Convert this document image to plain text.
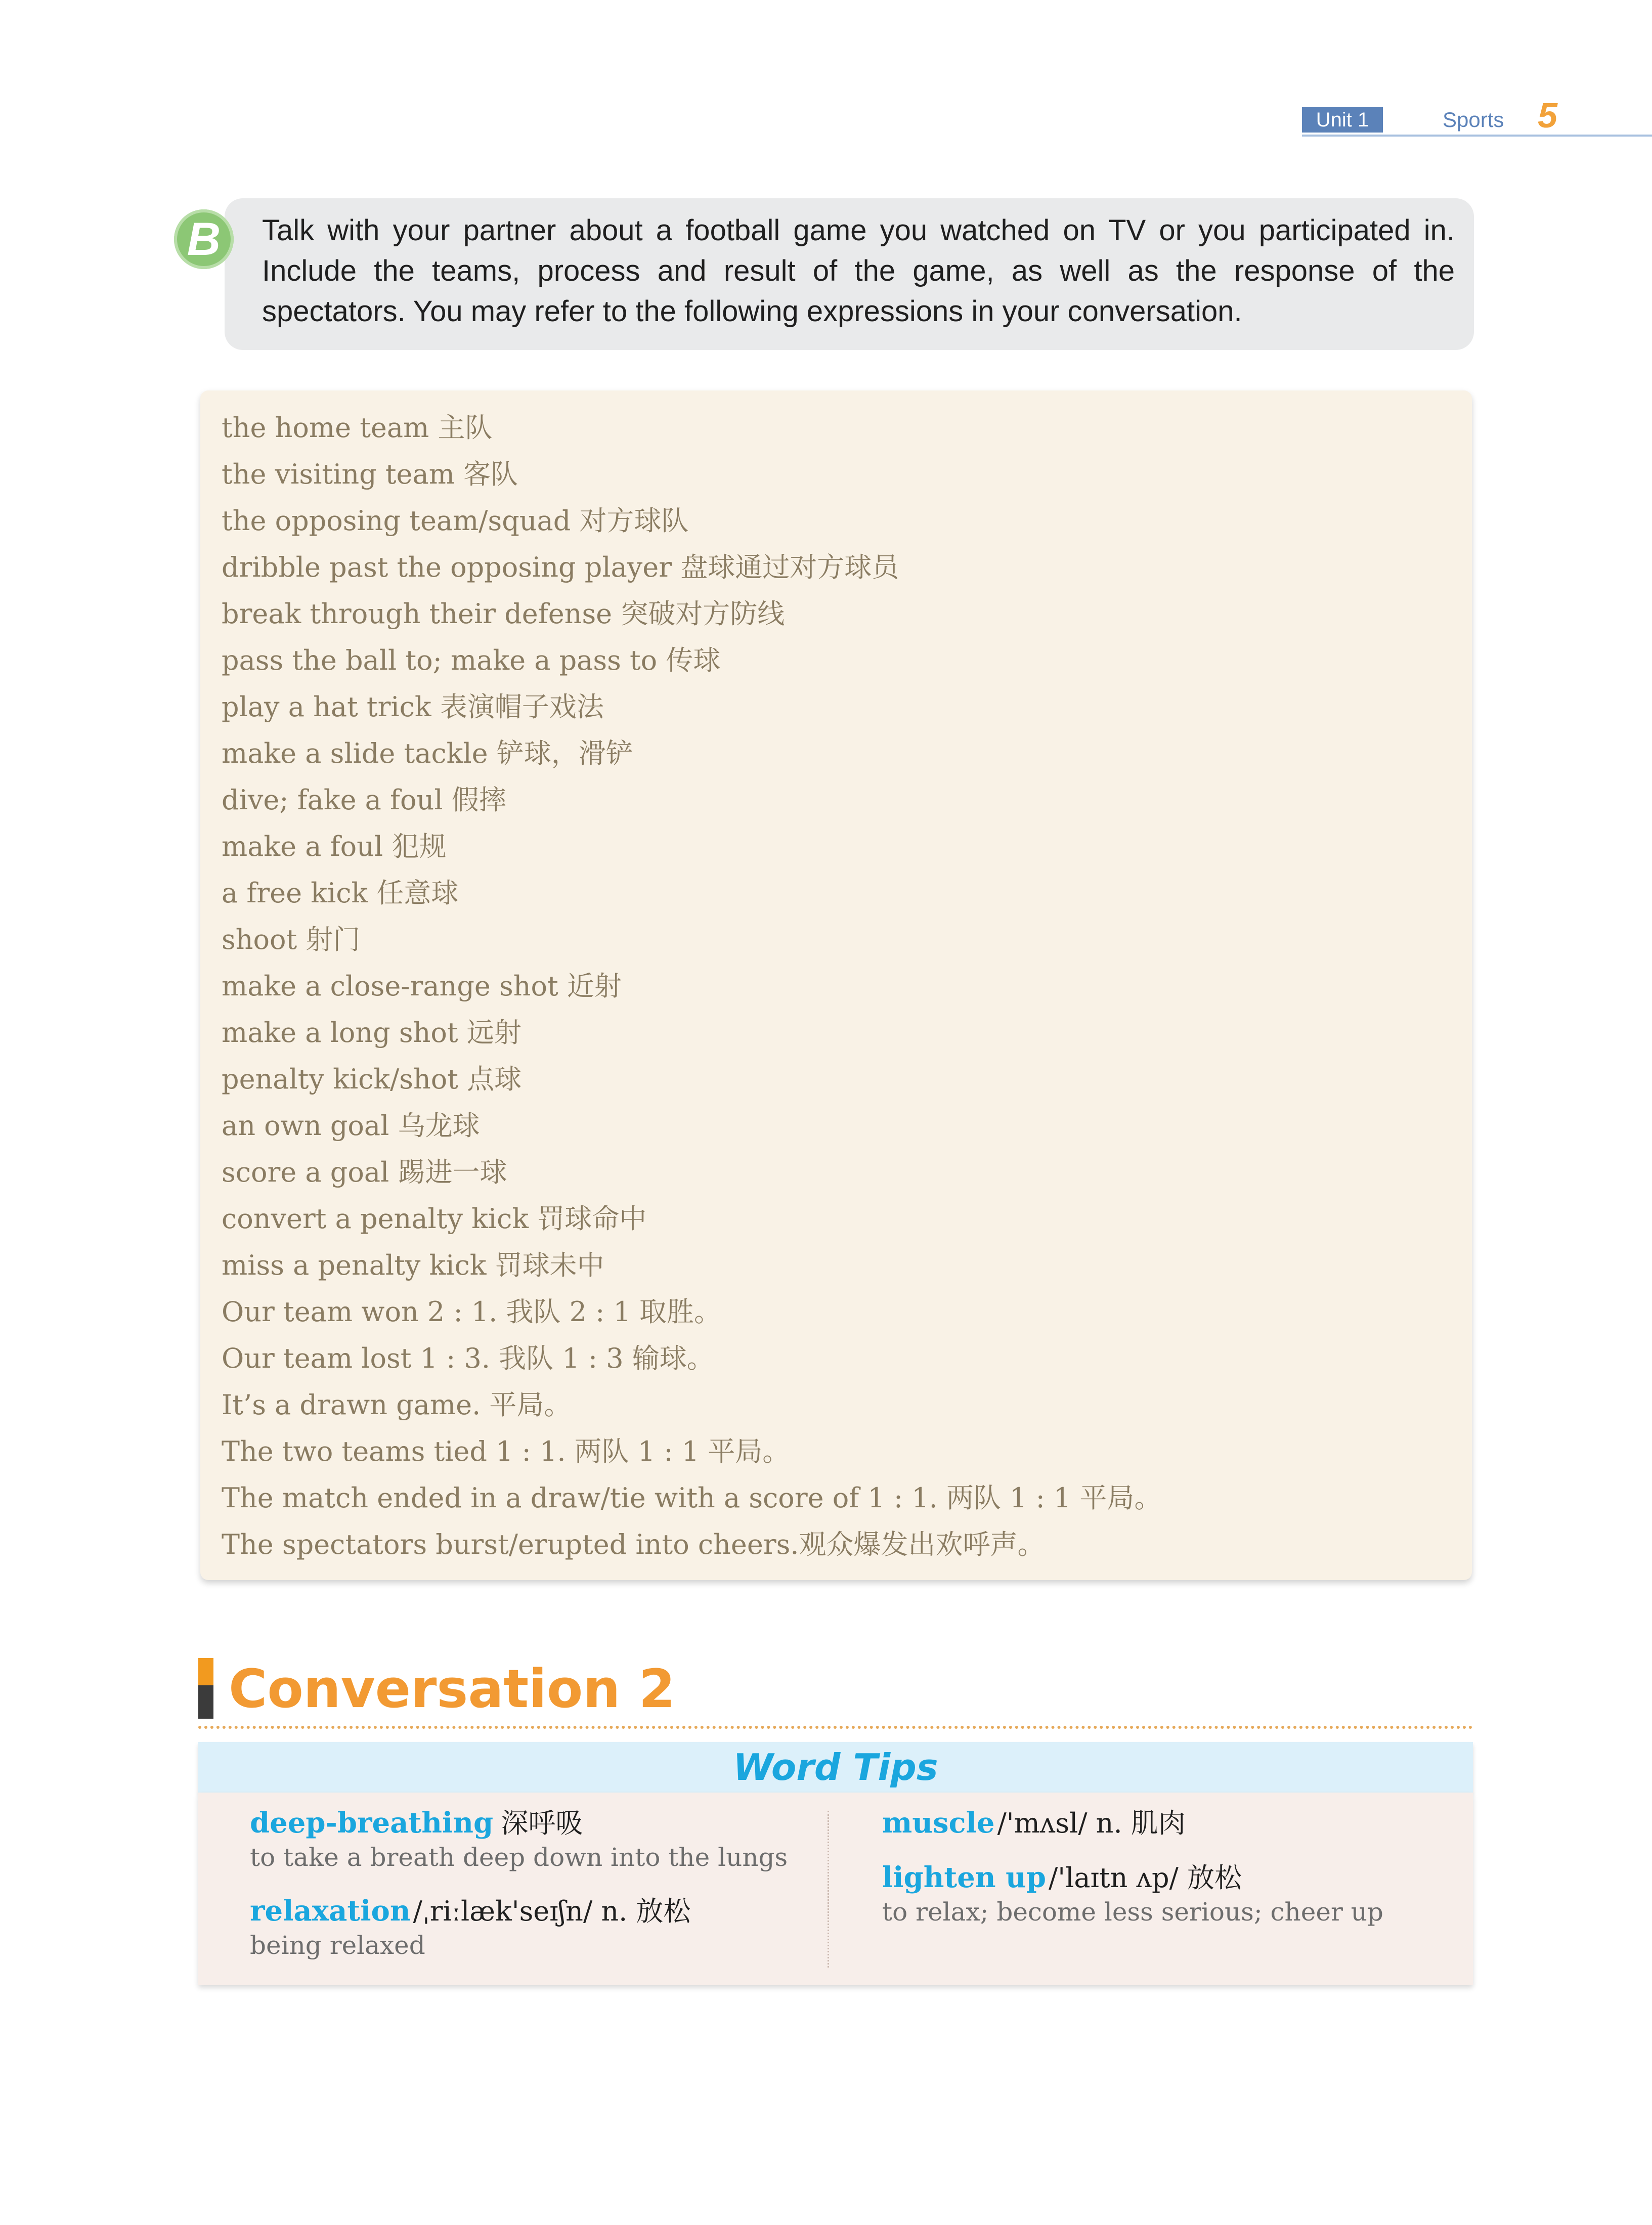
Unit 1	Sports 5
B	Talk with your partner about a football game you watched on TV or you participated in. Include the teams, process and result of the game, as well as the response of the spectators. You may refer to the following expressions in your conversation.
the home team 主队
the visiting team 客队
the opposing team/squad 对方球队
dribble past the opposing player 盘球通过对方球员
break through their defense 突破对方防线
pass the ball to; make a pass to 传球
play a hat trick 表演帽子戏法
make a slide tackle 铲球，滑铲
dive; fake a foul 假摔
make a foul 犯规
a free kick 任意球
shoot 射门
make a close-range shot 近射
make a long shot 远射
penalty kick/shot 点球
an own goal 乌龙球
score a goal 踢进一球
convert a penalty kick 罚球命中
miss a penalty kick 罚球未中
Our team won 2 : 1. 我队 2 : 1 取胜。
Our team lost 1 : 3. 我队 1 : 3 输球。
It’s a drawn game. 平局。
The two teams tied 1 : 1. 两队 1 : 1 平局。
The match ended in a draw/tie with a score of 1 : 1. 两队 1 : 1 平局。
The spectators burst/erupted into cheers.观众爆发出欢呼声。
Conversation 2
Word Tips
deep-breathing 深呼吸
to take a breath deep down into the lungs
relaxation /ˌriːlæk'seɪʃn/ n. 放松
being relaxed
muscle /'mʌsl/ n. 肌肉
lighten up /'laɪtn ʌp/ 放松
to relax; become less serious; cheer up
